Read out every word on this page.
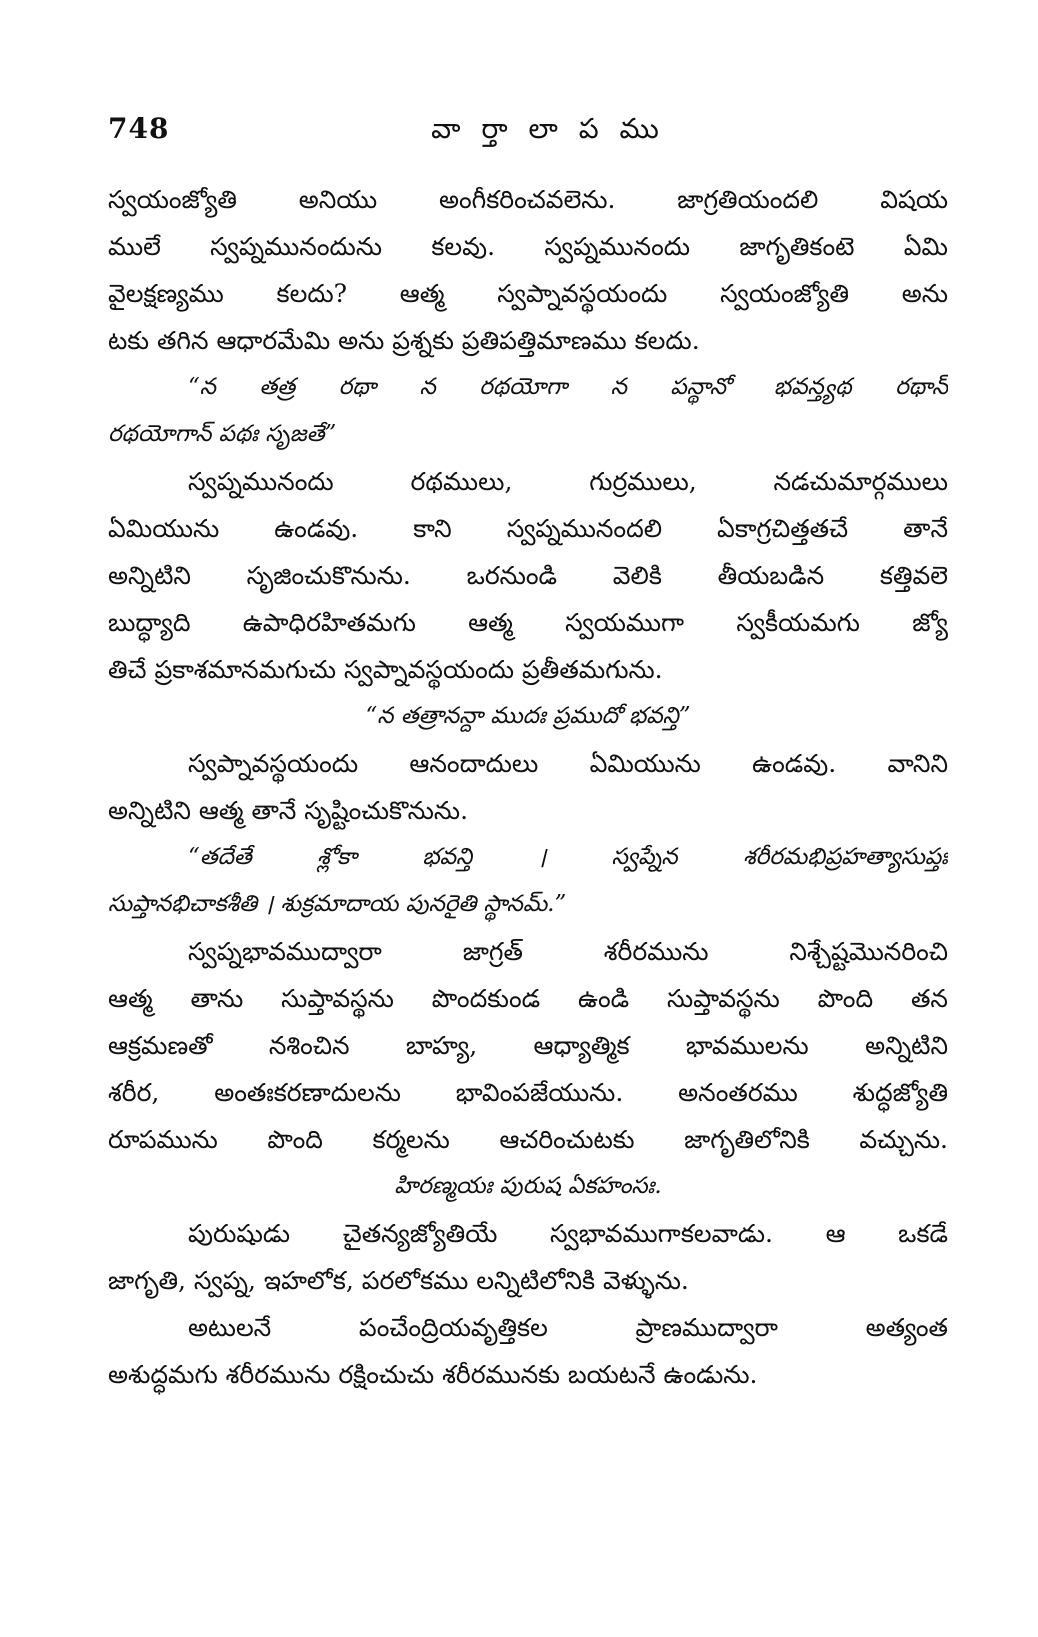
748	వా ర్తా లా ప ము
స్వయంజ్యోతి అనియు అంగీకరించవలెను. జాగ్రతియందలి విషయ
ములే స్వప్నమునందును కలవు. స్వప్నమునందు జాగృతికంటె ఏమి
వైలక్షణ్యము కలదు? ఆత్మ స్వప్నావస్థయందు స్వయంజ్యోతి అను
టకు తగిన ఆధారమేమి అను ప్రశ్నకు ప్రతిపత్తిమాణము కలదు.
“న తత్ర రథా న రథయోగా న పన్థానో భవన్త్యథ రథాన్
రథయోగాన్ పథః సృజతే”
స్వప్నమునందు రథములు, గుర్రములు, నడచుమార్గములు
ఏమియును ఉండవు. కాని స్వప్నమునందలి ఏకాగ్రచిత్తతచే తానే
అన్నిటిని సృజించుకొనును. ఒరనుండి వెలికి తీయబడిన కత్తివలె
బుద్ధ్యాది ఉపాధిరహితమగు ఆత్మ స్వయముగా స్వకీయమగు జ్యో
తిచే ప్రకాశమానమగుచు స్వప్నావస్థయందు ప్రతీతమగును.
“న తత్రానన్దా ముదః ప్రముదో భవన్తి”
స్వప్నావస్థయందు ఆనందాదులు ఏమియును ఉండవు. వానిని
అన్నిటిని ఆత్మ తానే సృష్టించుకొనును.
“తదేతే శ్లోకా భవన్తి । స్వప్నేన శరీరమభిప్రహత్యాసుప్తః
సుప్తానభిచాకశీతి । శుక్రమాదాయ పునరైతి స్థానమ్.”
స్వప్నభావముద్వారా జాగ్రత్ శరీరమును నిశ్చేష్టమొనరించి
ఆత్మ తాను సుప్తావస్థను పొందకుండ ఉండి సుప్తావస్థను పొంది తన
ఆక్రమణతో నశించిన బాహ్య, ఆధ్యాత్మిక భావములను అన్నిటిని
శరీర, అంతఃకరణాదులను భావింపజేయును. అనంతరము శుద్ధజ్యోతి
రూపమును పొంది కర్మలను ఆచరించుటకు జాగృతిలోనికి వచ్చును.
హిరణ్మయః పురుష ఏకహంసః.
పురుషుడు చైతన్యజ్యోతియే స్వభావముగాకలవాడు. ఆ ఒకడే
జాగృతి, స్వప్న, ఇహలోక, పరలోకము లన్నిటిలోనికి వెళ్ళును.
అటులనే పంచేంద్రియవృత్తికల ప్రాణముద్వారా అత్యంత
అశుద్ధమగు శరీరమును రక్షించుచు శరీరమునకు బయటనే ఉండును.
